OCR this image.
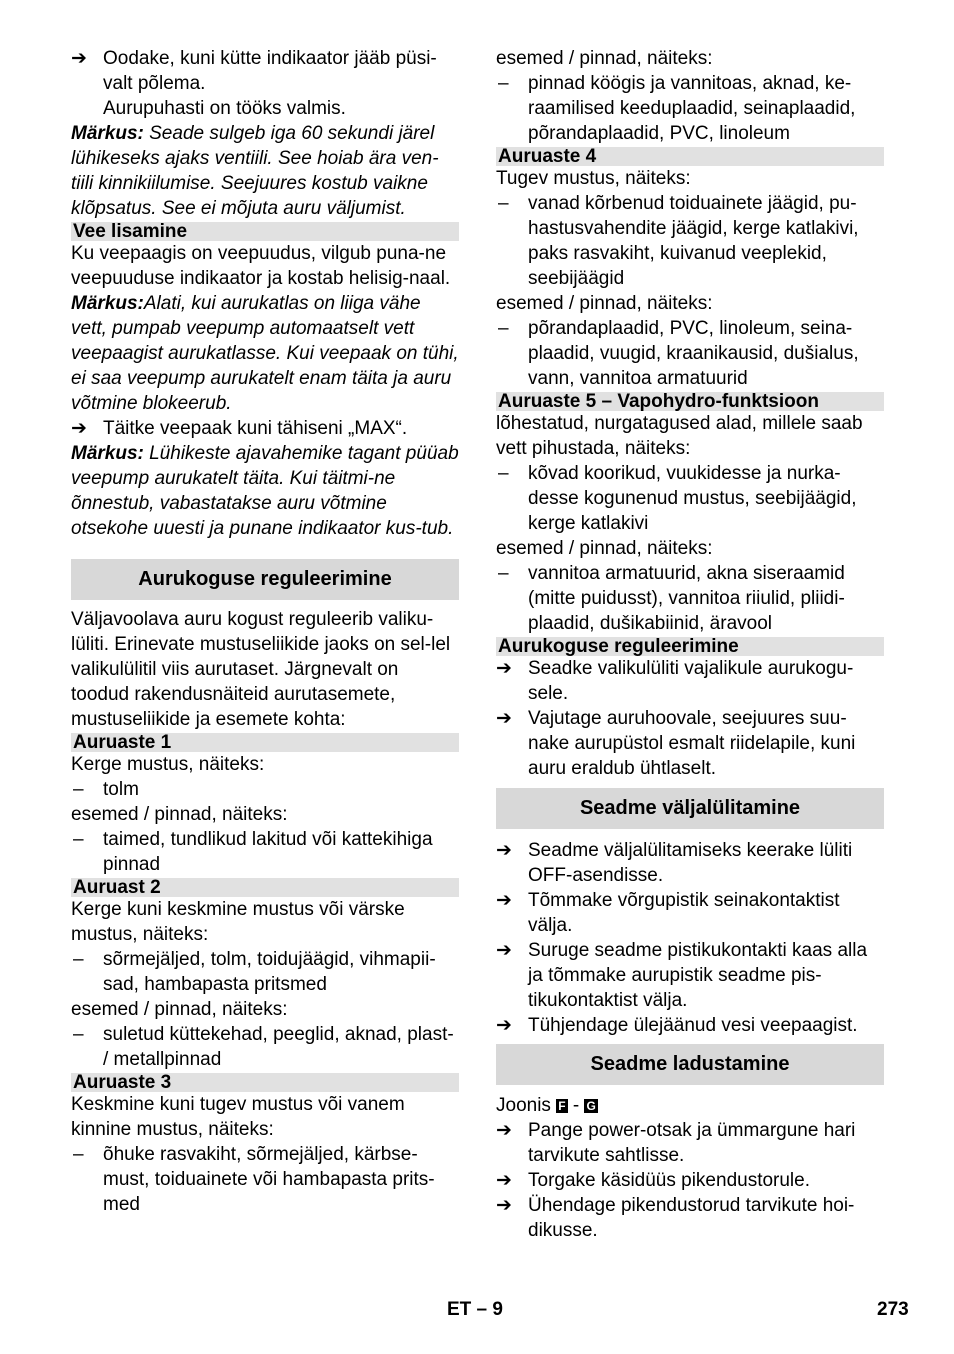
➔ Oodake, kuni kütte indikaator jääb püsi-valt põlema.

Aurupuhasti on tööks valmis.

Märkus: Seade sulgeb iga 60 sekundi järel lühikeseks ajaks ventiili. See hoiab ära ven-tiili kinnikiilumise. Seejuures kostub vaikne klõpsatus. See ei mõjuta auru väljumist.

Vee lisamine

Ku veepaagis on veepuudus, vilgub puna-ne veepuuduse indikaator ja kostab helisig-naal.

Märkus:Alati, kui aurukatlas on liiga vähe vett, pumpab veepump automaatselt vett veepaagist aurukatlasse. Kui veepaak on tühi, ei saa veepump aurukatelt enam täita ja auru võtmine blokeerub.

➔ Täitke veepaak kuni tähiseni „MAX“.

Märkus: Lühikeste ajavahemike tagant püüab veepump aurukatelt täita. Kui täitmi-ne õnnestub, vabastatakse auru võtmine otsekohe uuesti ja punane indikaator kus-tub.

Aurukoguse reguleerimine

Väljavoolava auru kogust reguleerib valiku-lüliti. Erinevate mustuseliikide jaoks on sel-lel valikulülitil viis aurutaset. Järgnevalt on toodud rakendusnäiteid aurutasemete, mustuseliikide ja esemete kohta:

Auruaste 1

Kerge mustus, näiteks:

– tolm

esemed / pinnad, näiteks:

– taimed, tundlikud lakitud või kattekihiga pinnad
Auruast 2

Kerge kuni keskmine mustus või värske mustus, näiteks:

– sõrmejäljed, tolm, toidujäägid, vihmapii-sad, hambapasta pritsmed

esemed / pinnad, näiteks:

– suletud küttekehad, peeglid, aknad, plast- / metallpinnad
Auruaste 3

Keskmine kuni tugev mustus või vanem kinnine mustus, näiteks:

– õhuke rasvakiht, sõrmejäljed, kärbse-must, toiduainete või hambapasta prits-med

esemed / pinnad, näiteks:

– pinnad köögis ja vannitoas, aknad, ke-raamilised keeduplaadid, seinaplaadid, põrandaplaadid, PVC, linoleum
Auruaste 4

Tugev mustus, näiteks:

– vanad kõrbenud toiduainete jäägid, pu-hastusvahendite jäägid, kerge katlakivi, paks rasvakiht, kuivanud veeplekid, seebijäägid

esemed / pinnad, näiteks:

– põrandaplaadid, PVC, linoleum, seina-plaadid, vuugid, kraanikausid, dušialus, vann, vannitoa armatuurid
Auruaste 5 – Vapohydro-funktsioon

lõhestatud, nurgatagused alad, millele saab vett pihustada, näiteks:

– kõvad koorikud, vuukidesse ja nurka-desse kogunenud mustus, seebijäägid, kerge katlakivi

esemed / pinnad, näiteks:

– vannitoa armatuurid, akna siseraamid (mitte puidusst), vannitoa riiulid, pliidi-plaadid, dušikabiinid, äravool
Aurukoguse reguleerimine
➔ Seadke valikulüliti vajalikule aurukogu-sele.
➔ Vajutage auruhoovale, seejuures suu-nake aurupüstol esmalt riidelapile, kuni auru eraldub ühtlaselt.
Seadme väljalülitamine
➔ Seadme väljalülitamiseks keerake lüliti OFF-asendisse.
➔ Tõmmake võrgupistik seinakontaktist välja.
➔ Suruge seadme pistikukontakti kaas alla ja tõmmake aurupistik seadme pis-tikukontaktist välja.
➔ Tühjendage ülejäänud vesi veepaagist.
Seadme ladustamine

Joonis F - G

➔ Pange power-otsak ja ümmargune hari tarvikute sahtlisse.
➔ Torgake käsidüüs pikendustorule.
➔ Ühendage pikendustorud tarvikute hoi-dikusse.
ET – 9	273
